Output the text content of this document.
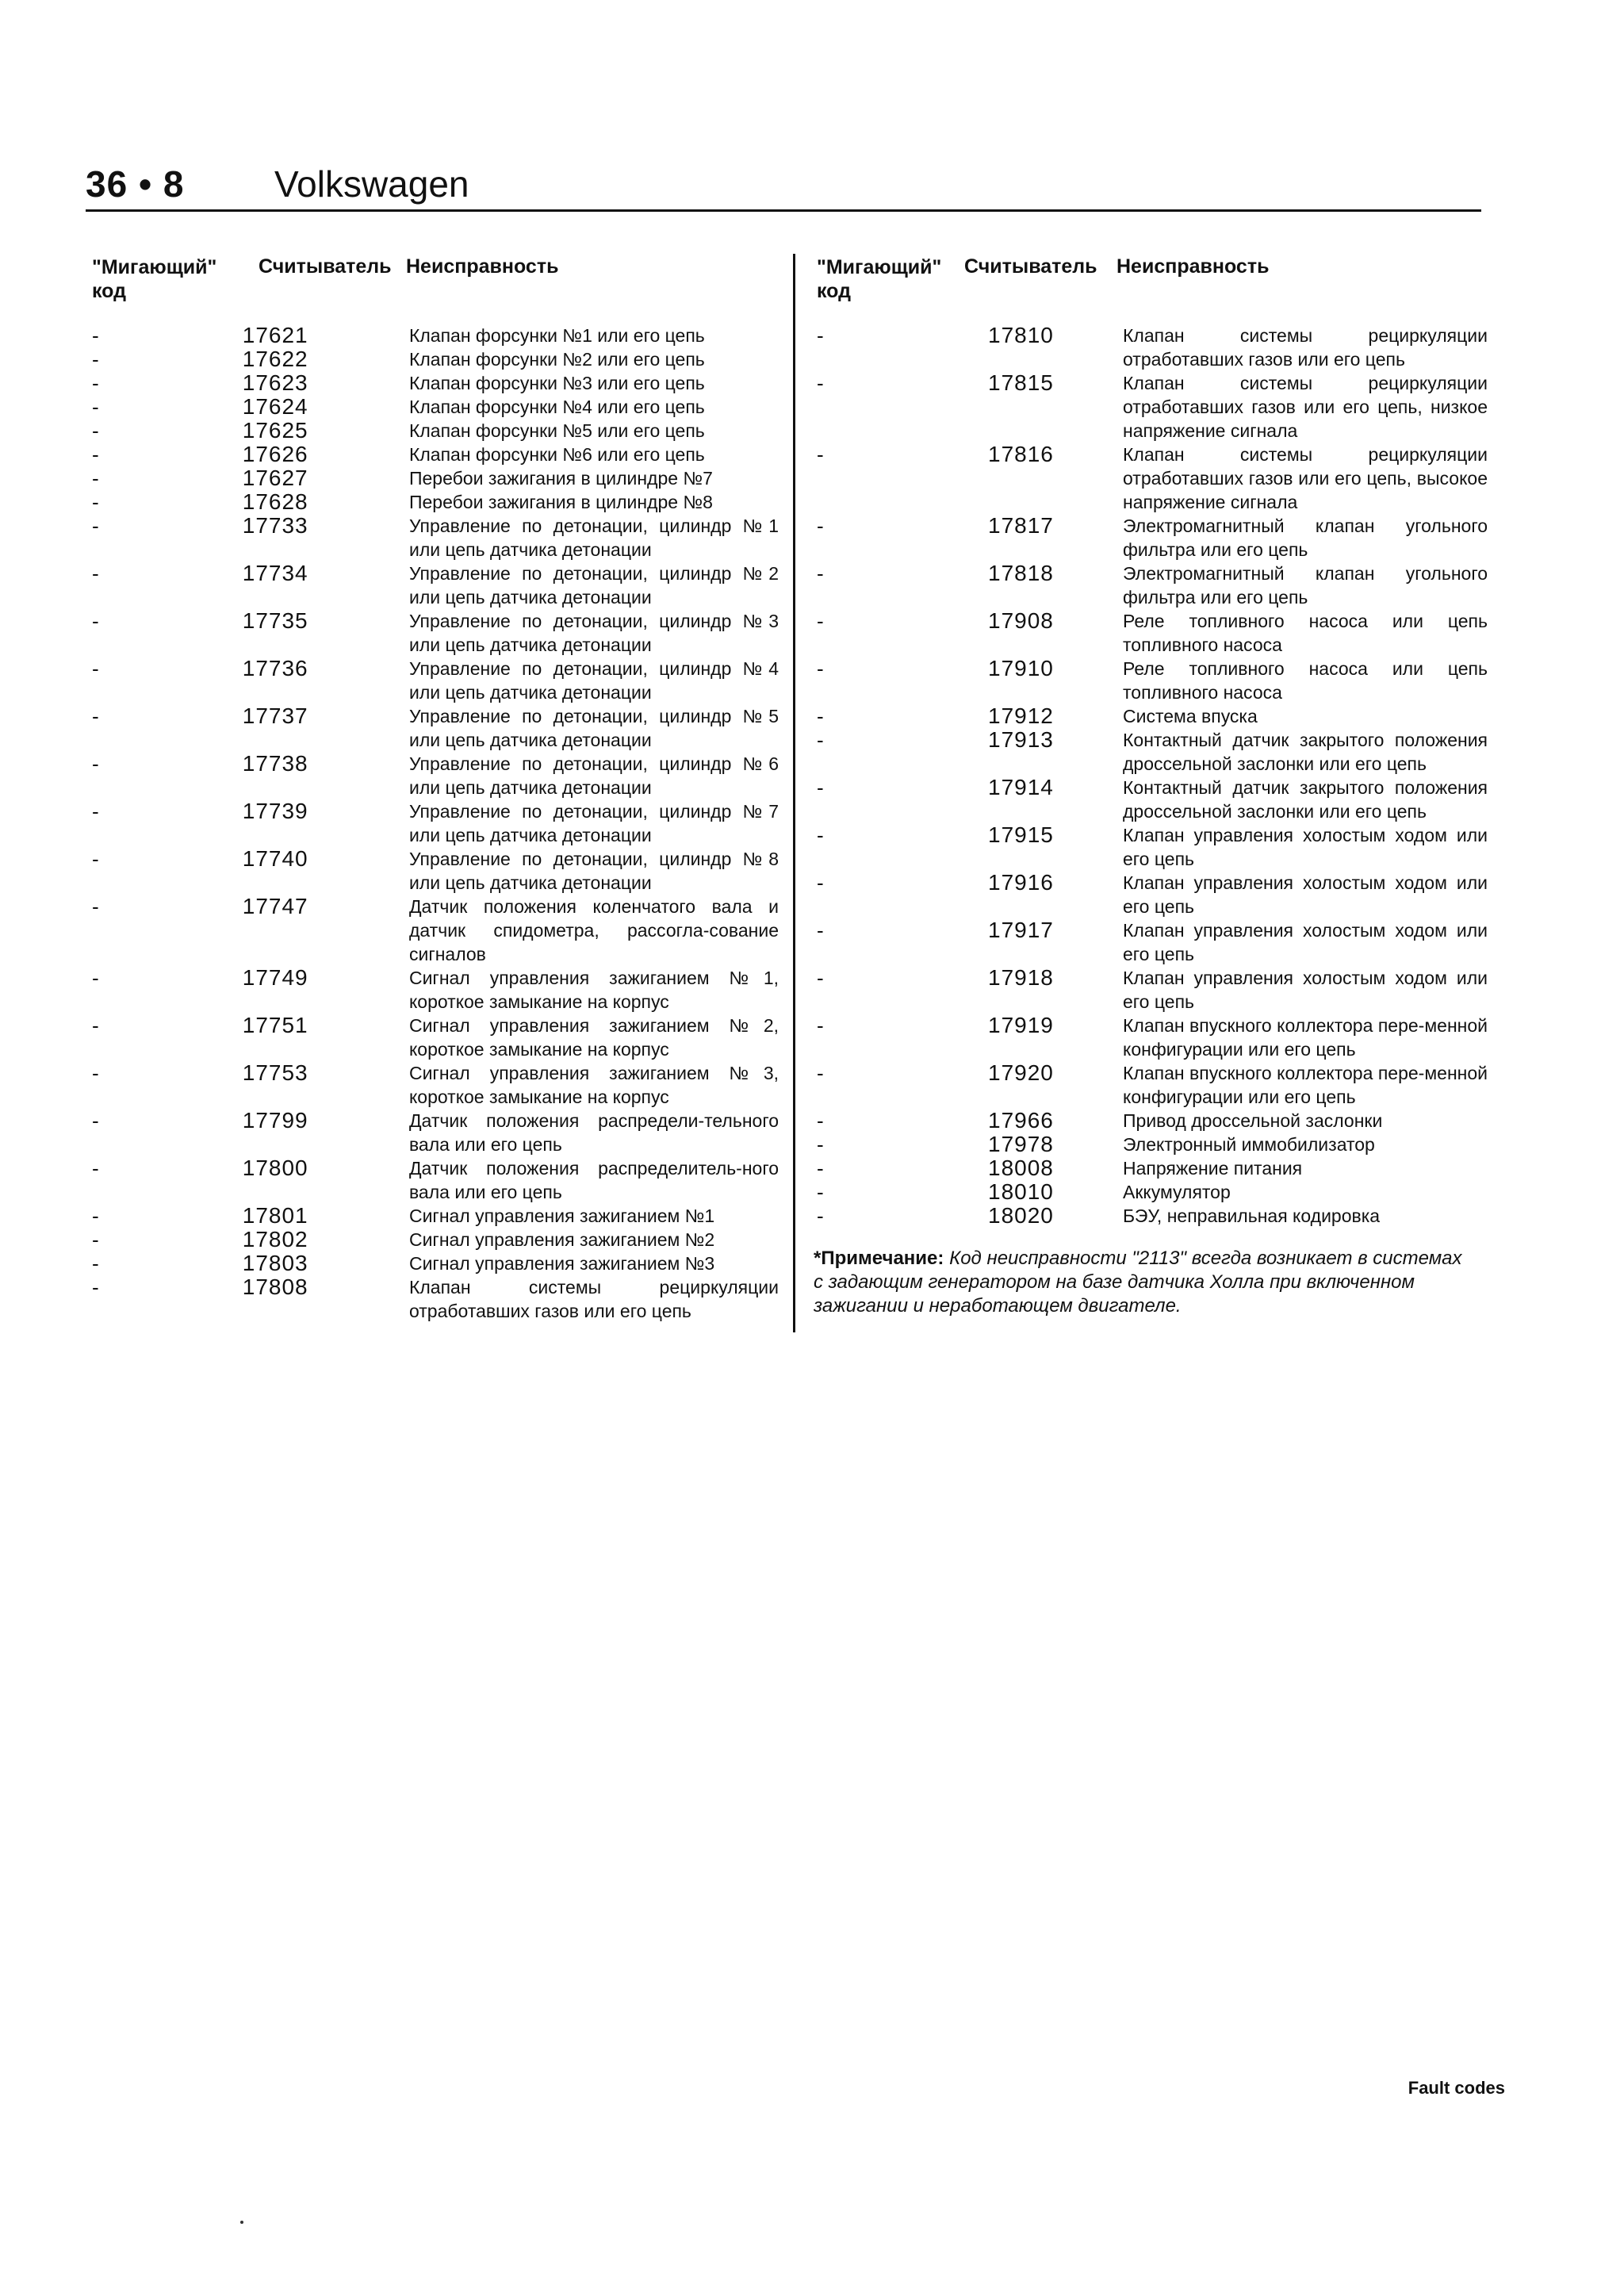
36 • 8 Volkswagen
"Мигающий" код
Считыватель Неисправность
-	17621	Клапан форсунки №1 или его цепь
-	17622	Клапан форсунки №2 или его цепь
-	17623	Клапан форсунки №3 или его цепь
-	17624	Клапан форсунки №4 или его цепь
-	17625	Клапан форсунки №5 или его цепь
-	17626	Клапан форсунки №6 или его цепь
-	17627	Перебои зажигания в цилиндре №7
-	17628	Перебои зажигания в цилиндре №8
-	17733	Управление по детонации, цилиндр №1 или цепь датчика детонации
-	17734	Управление по детонации, цилиндр №2 или цепь датчика детонации
-	17735	Управление по детонации, цилиндр №3 или цепь датчика детонации
-	17736	Управление по детонации, цилиндр №4 или цепь датчика детонации
-	17737	Управление по детонации, цилиндр №5 или цепь датчика детонации
-	17738	Управление по детонации, цилиндр №6 или цепь датчика детонации
-	17739	Управление по детонации, цилиндр №7 или цепь датчика детонации
-	17740	Управление по детонации, цилиндр №8 или цепь датчика детонации
-	17747	Датчик положения коленчатого вала и датчик спидометра, рассогла-сование сигналов
-	17749	Сигнал управления зажиганием №1, короткое замыкание на корпус
-	17751	Сигнал управления зажиганием №2, короткое замыкание на корпус
-	17753	Сигнал управления зажиганием №3, короткое замыкание на корпус
-	17799	Датчик положения распредели-тельного вала или его цепь
-	17800	Датчик положения распределитель-ного вала или его цепь
-	17801	Сигнал управления зажиганием №1
-	17802	Сигнал управления зажиганием №2
-	17803	Сигнал управления зажиганием №3
-	17808	Клапан системы рециркуляции отработавших газов или его цепь
"Мигающий" код
Считыватель Неисправность
-	17810	Клапан системы рециркуляции отработавших газов или его цепь
-	17815	Клапан системы рециркуляции отработавших газов или его цепь, низкое напряжение сигнала
-	17816	Клапан системы рециркуляции отработавших газов или его цепь, высокое напряжение сигнала
-	17817	Электромагнитный клапан угольного фильтра или его цепь
-	17818	Электромагнитный клапан угольного фильтра или его цепь
-	17908	Реле топливного насоса или цепь топливного насоса
-	17910	Реле топливного насоса или цепь топливного насоса
-	17912	Система впуска
-	17913	Контактный датчик закрытого положения дроссельной заслонки или его цепь
-	17914	Контактный датчик закрытого положения дроссельной заслонки или его цепь
-	17915	Клапан управления холостым ходом или его цепь
-	17916	Клапан управления холостым ходом или его цепь
-	17917	Клапан управления холостым ходом или его цепь
-	17918	Клапан управления холостым ходом или его цепь
-	17919	Клапан впускного коллектора пере-менной конфигурации или его цепь
-	17920	Клапан впускного коллектора пере-менной конфигурации или его цепь
-	17966	Привод дроссельной заслонки
-	17978	Электронный иммобилизатор
-	18008	Напряжение питания
-	18010	Аккумулятор
-	18020	БЭУ, неправильная кодировка
*Примечание: Код неисправности "2113" всегда возникает в системах с задающим генератором на базе датчика Холла при включенном зажигании и неработающем двигателе.
Fault codes
